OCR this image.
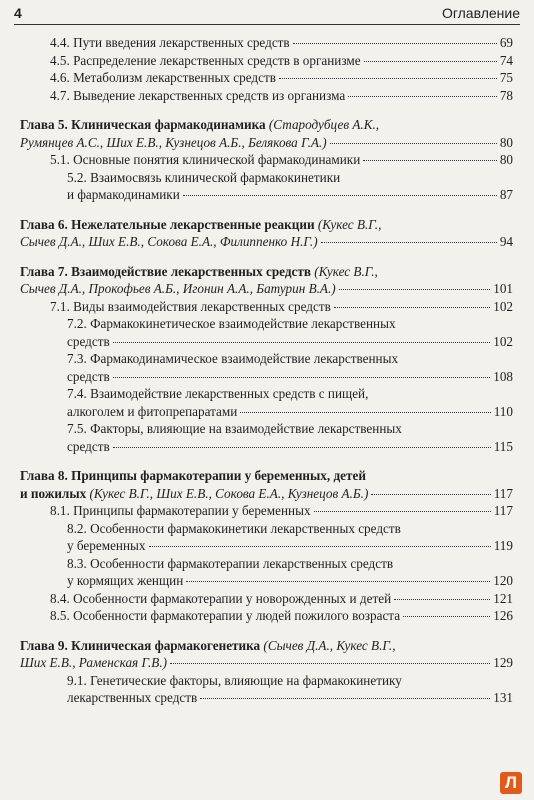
4	Оглавление
4.4. Пути введения лекарственных средств	69
4.5. Распределение лекарственных средств в организме	74
4.6. Метаболизм лекарственных средств	75
4.7. Выведение лекарственных средств из организма	78
Глава 5. Клиническая фармакодинамика (Стародубцев А.К.,
Румянцев А.С., Ших Е.В., Кузнецов А.Б., Белякова Г.А.)	80
5.1. Основные понятия клинической фармакодинамики	80
5.2. Взаимосвязь клинической фармакокинетики
и фармакодинамики	87
Глава 6. Нежелательные лекарственные реакции (Кукес В.Г.,
Сычев Д.А., Ших Е.В., Сокова Е.А., Филиппенко Н.Г.)	94
Глава 7. Взаимодействие лекарственных средств (Кукес В.Г.,
Сычев Д.А., Прокофьев А.Б., Игонин А.А., Батурин В.А.)	101
7.1. Виды взаимодействия лекарственных средств	102
7.2. Фармакокинетическое взаимодействие лекарственных
средств	102
7.3. Фармакодинамическое взаимодействие лекарственных
средств	108
7.4. Взаимодействие лекарственных средств с пищей,
алкоголем и фитопрепаратами	110
7.5. Факторы, влияющие на взаимодействие лекарственных
средств	115
Глава 8. Принципы фармакотерапии у беременных, детей
и пожилых (Кукес В.Г., Ших Е.В., Сокова Е.А., Кузнецов А.Б.)	117
8.1. Принципы фармакотерапии у беременных	117
8.2. Особенности фармакокинетики лекарственных средств
у беременных	119
8.3. Особенности фармакотерапии лекарственных средств
у кормящих женщин	120
8.4. Особенности фармакотерапии у новорожденных и детей	121
8.5. Особенности фармакотерапии у людей пожилого возраста	126
Глава 9. Клиническая фармакогенетика (Сычев Д.А., Кукес В.Г.,
Ших Е.В., Раменская Г.В.)	129
9.1. Генетические факторы, влияющие на фармакокинетику
лекарственных средств	131
Л
